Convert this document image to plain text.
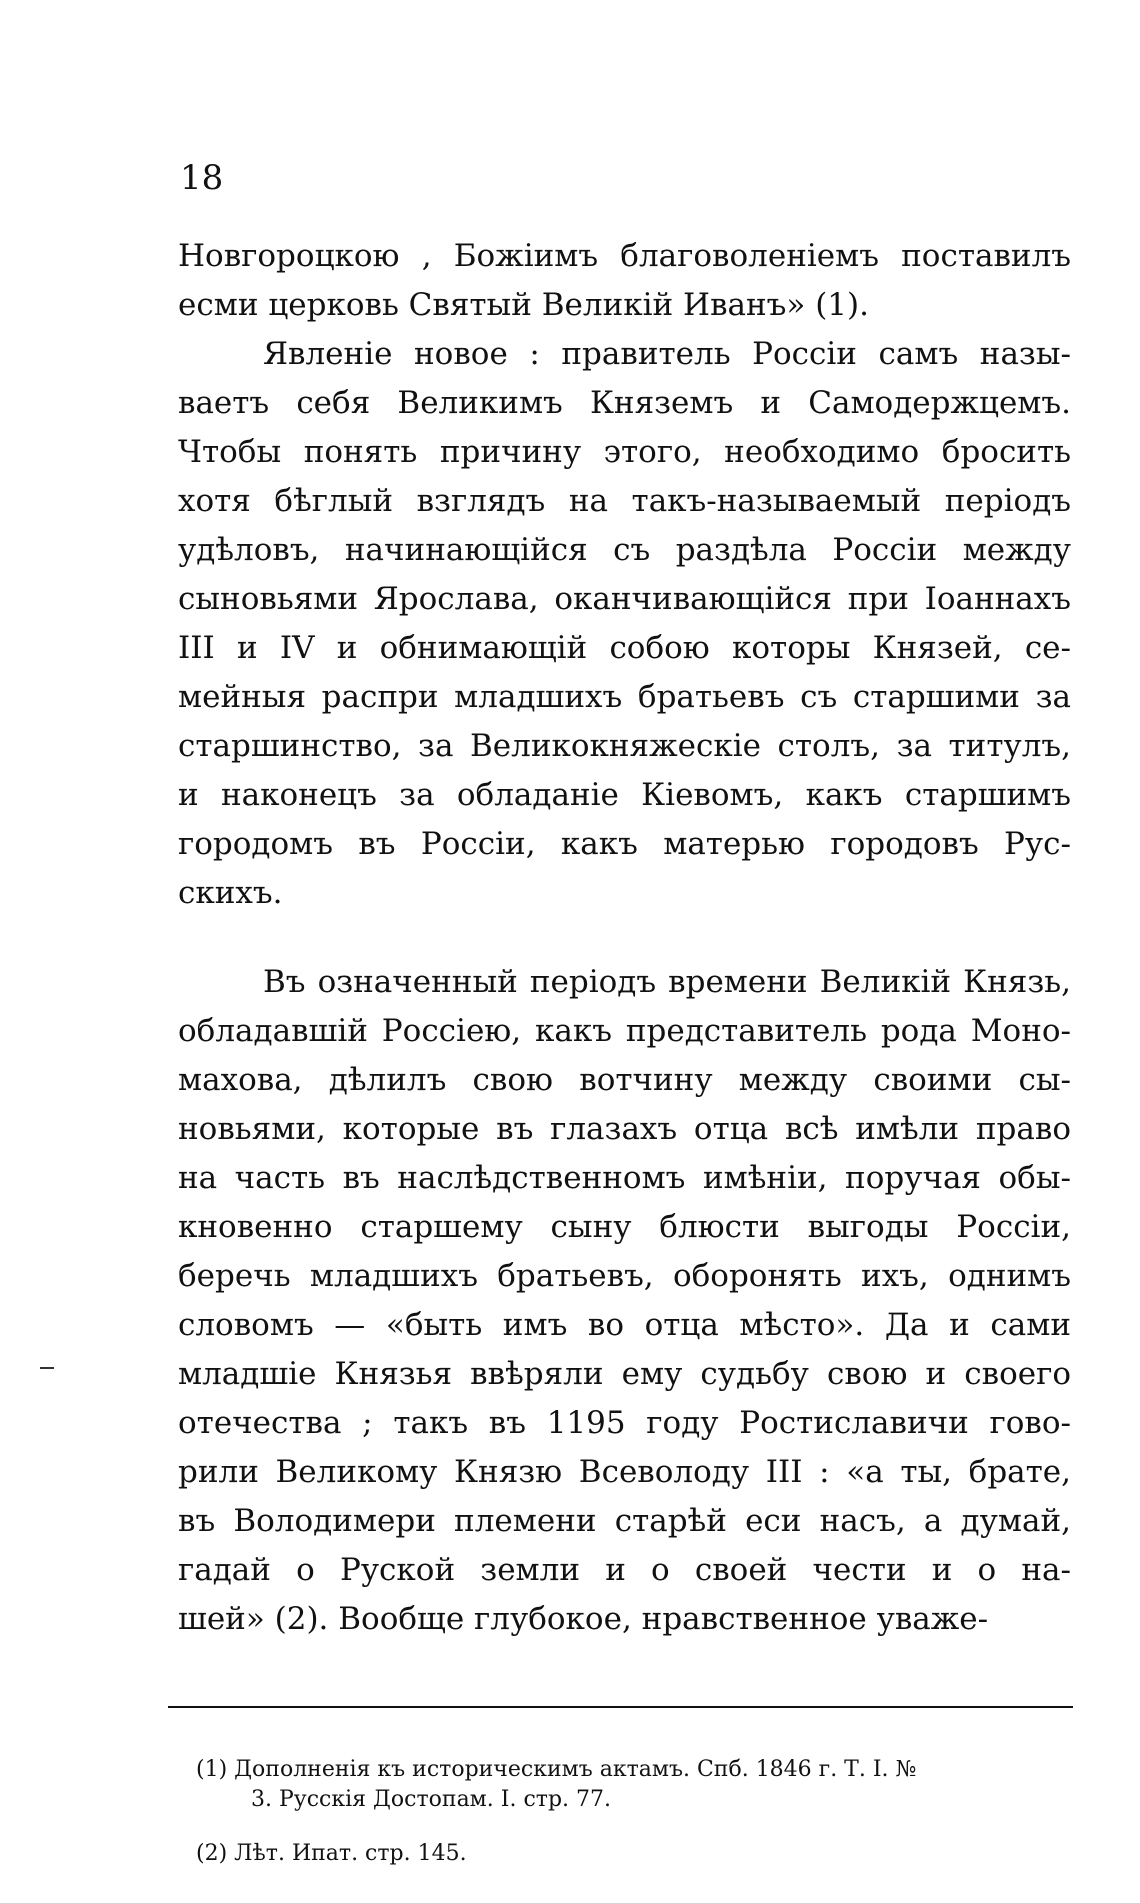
18
Новгороцкою , Божіимъ благоволеніемъ поставилъ
есми церковь Святый Великій Иванъ» (1).
Явленіе новое : правитель Россіи самъ назы-
ваетъ себя Великимъ Княземъ и Самодержцемъ.
Чтобы понять причину этого, необходимо бросить
хотя бѣглый взглядъ на такъ-называемый періодъ
удѣловъ, начинающійся съ раздѣла Россіи между
сыновьями Ярослава, оканчивающійся при Іоаннахъ
III и IV и обнимающій собою которы Князей, се-
мейныя распри младшихъ братьевъ съ старшими за
старшинство, за Великокняжескіе столъ, за титулъ,
и наконецъ за обладаніе Кіевомъ, какъ старшимъ
городомъ въ Россіи, какъ матерью городовъ Рус-
скихъ.
Въ означенный періодъ времени Великій Князь,
обладавшій Россіею, какъ представитель рода Моно-
махова, дѣлилъ свою вотчину между своими сы-
новьями, которые въ глазахъ отца всѣ имѣли право
на часть въ наслѣдственномъ имѣніи, поручая обы-
кновенно старшему сыну блюсти выгоды Россіи,
беречь младшихъ братьевъ, оборонять ихъ, однимъ
словомъ — «быть имъ во отца мѣсто». Да и сами
младшіе Князья ввѣряли ему судьбу свою и своего
отечества ; такъ въ 1195 году Ростиславичи гово-
рили Великому Князю Всеволоду III : «а ты, брате,
въ Володимери племени старѣй еси насъ, а думай,
гадай о Руской земли и о своей чести и о на-
шей» (2). Вообще глубокое, нравственное уваже-
(1) Дополненія къ историческимъ актамъ. Спб. 1846 г. Т. I. №
3. Русскія Достопам. I. стр. 77.
(2) Лѣт. Ипат. стр. 145.
